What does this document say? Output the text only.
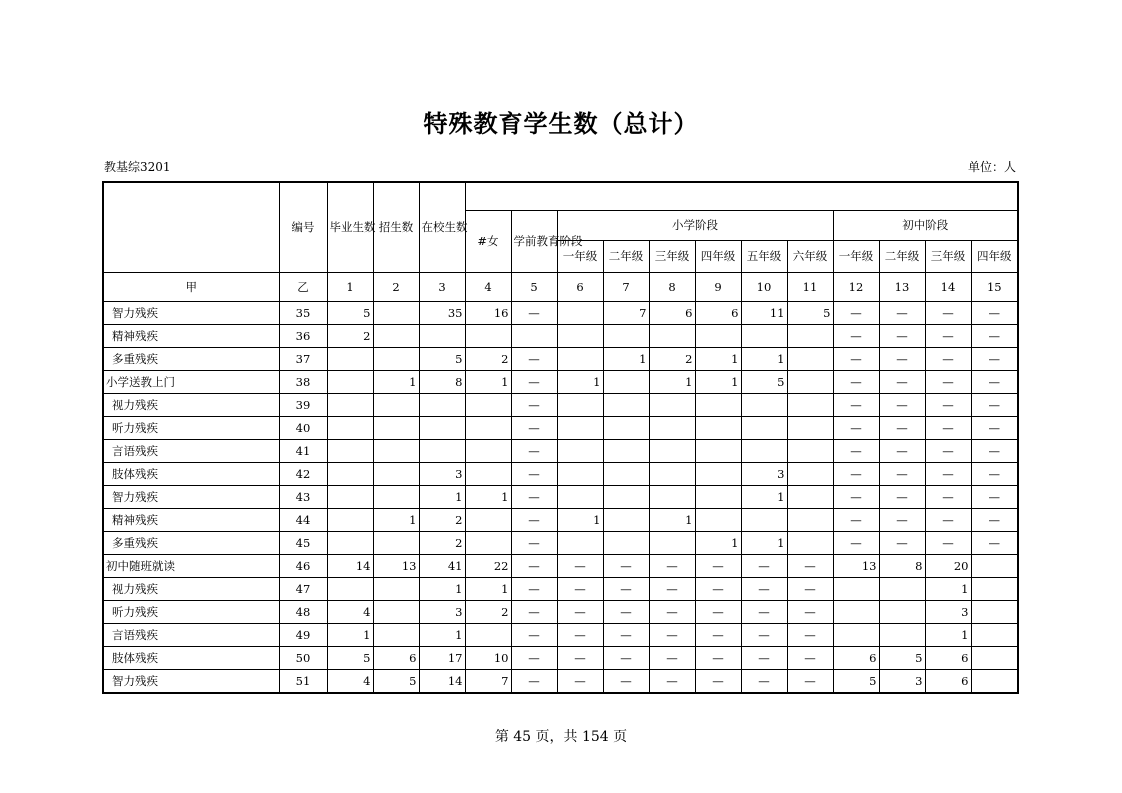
特殊教育学生数（总计）
教基综3201	单位：人
	编号	毕业生数	招生数	在校生数												
					#女	学前教育阶段	小学阶段						初中阶段			
							一年级	二年级	三年级	四年级	五年级	六年级	一年级	二年级	三年级	四年级
甲	乙	1	2	3	4	5	6	7	8	9	10	11	12	13	14	15
智力残疾	35	5		35	16	—		7	6	6	11	5	—	—	—	—
精神残疾	36	2											—	—	—	—
多重残疾	37			5	2	—		1	2	1	1		—	—	—	—
小学送教上门	38		1	8	1	—	1		1	1	5		—	—	—	—
视力残疾	39					—							—	—	—	—
听力残疾	40					—							—	—	—	—
言语残疾	41					—							—	—	—	—
肢体残疾	42			3		—					3		—	—	—	—
智力残疾	43			1	1	—					1		—	—	—	—
精神残疾	44		1	2		—	1		1				—	—	—	—
多重残疾	45			2		—				1	1		—	—	—	—
初中随班就读	46	14	13	41	22	—	—	—	—	—	—	—	13	8	20	
视力残疾	47			1	1	—	—	—	—	—	—	—			1	
听力残疾	48	4		3	2	—	—	—	—	—	—	—			3	
言语残疾	49	1		1		—	—	—	—	—	—	—			1	
肢体残疾	50	5	6	17	10	—	—	—	—	—	—	—	6	5	6	
智力残疾	51	4	5	14	7	—	—	—	—	—	—	—	5	3	6	
第 45 页，共 154 页
